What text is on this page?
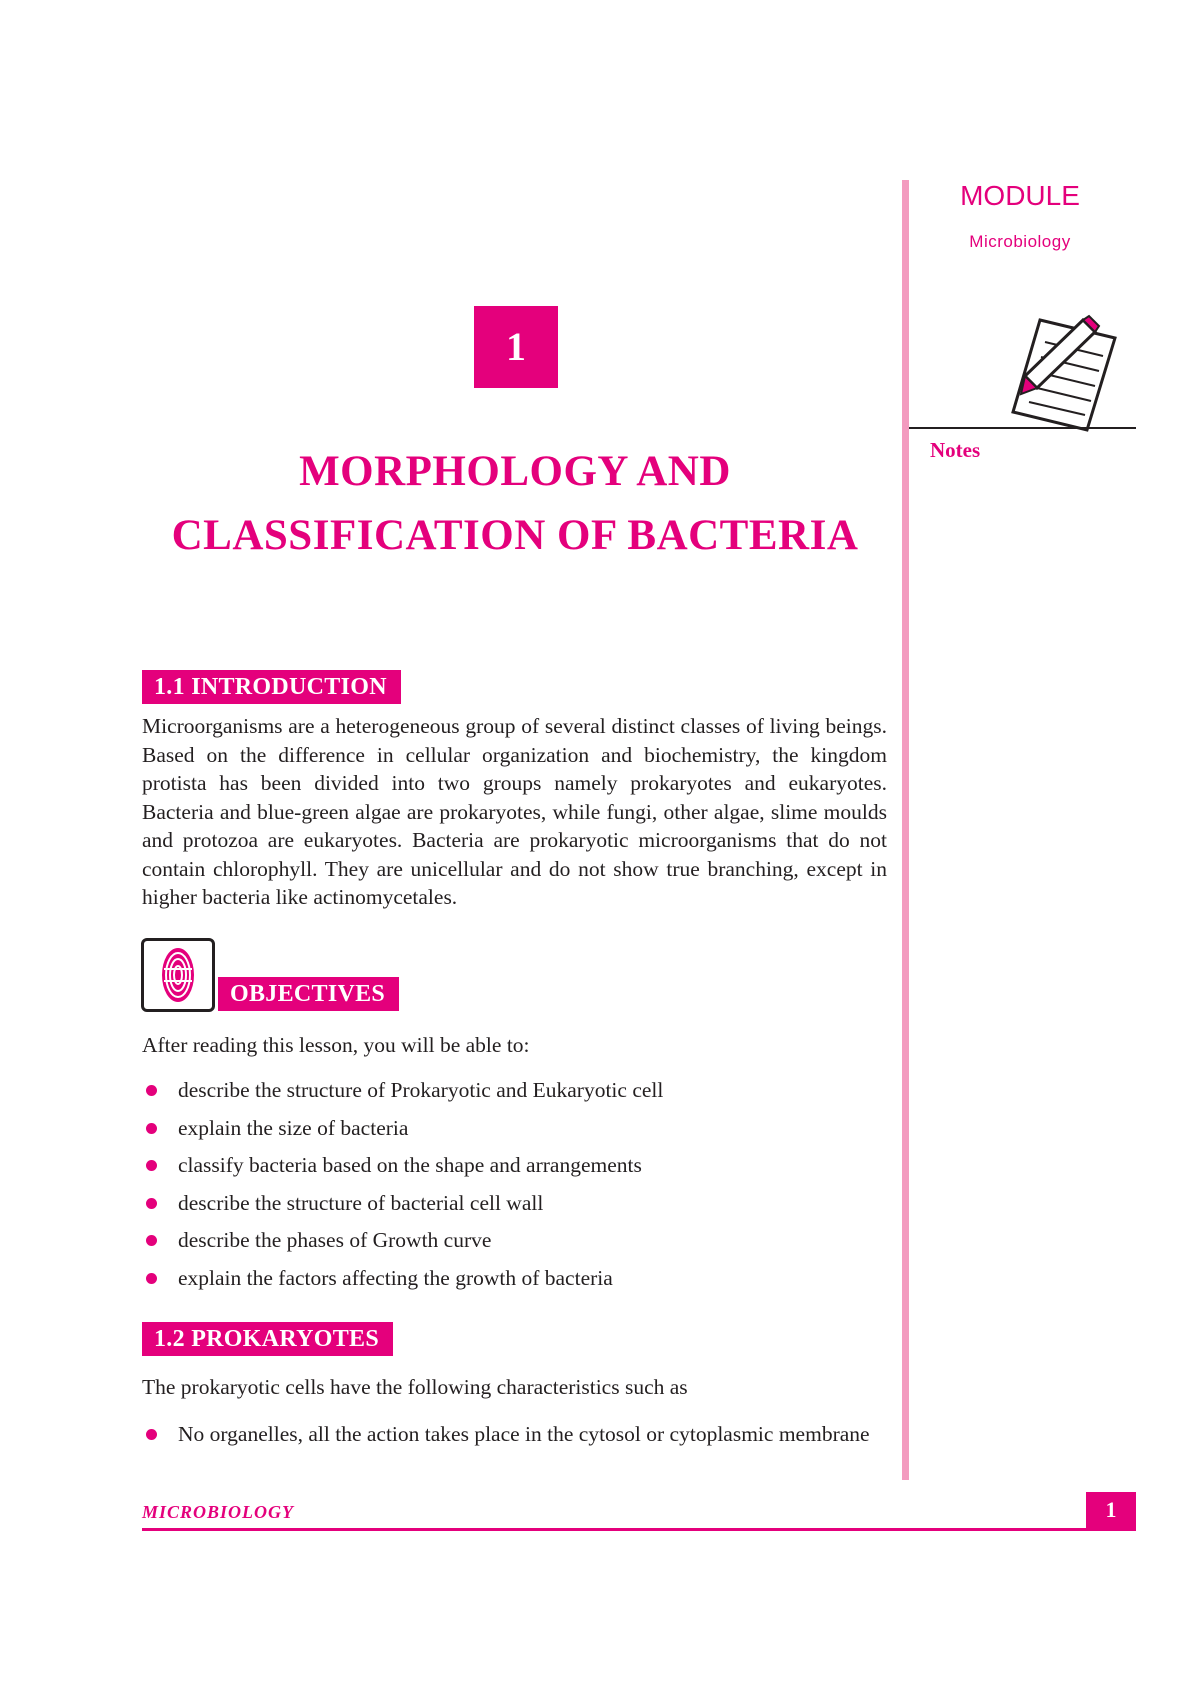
MODULE
Microbiology
Notes
1
MORPHOLOGY AND
CLASSIFICATION OF BACTERIA
1.1 INTRODUCTION
Microorganisms are a heterogeneous group of several distinct classes of living beings. Based on the difference in cellular organization and biochemistry, the kingdom protista has been divided into two groups namely prokaryotes and eukaryotes. Bacteria and blue-green algae are prokaryotes, while fungi, other algae, slime moulds and protozoa are eukaryotes. Bacteria are prokaryotic microorganisms that do not contain chlorophyll. They are unicellular and do not show true branching, except in higher bacteria like actinomycetales.
OBJECTIVES
After reading this lesson, you will be able to:
describe the structure of Prokaryotic and Eukaryotic cell
explain the size of bacteria
classify bacteria based on the shape and arrangements
describe the structure of bacterial cell wall
describe the phases of Growth curve
explain the factors affecting the growth of bacteria
1.2 PROKARYOTES
The prokaryotic cells have the following characteristics such as
No organelles, all the action takes place in the cytosol or cytoplasmic membrane
MICROBIOLOGY	1
